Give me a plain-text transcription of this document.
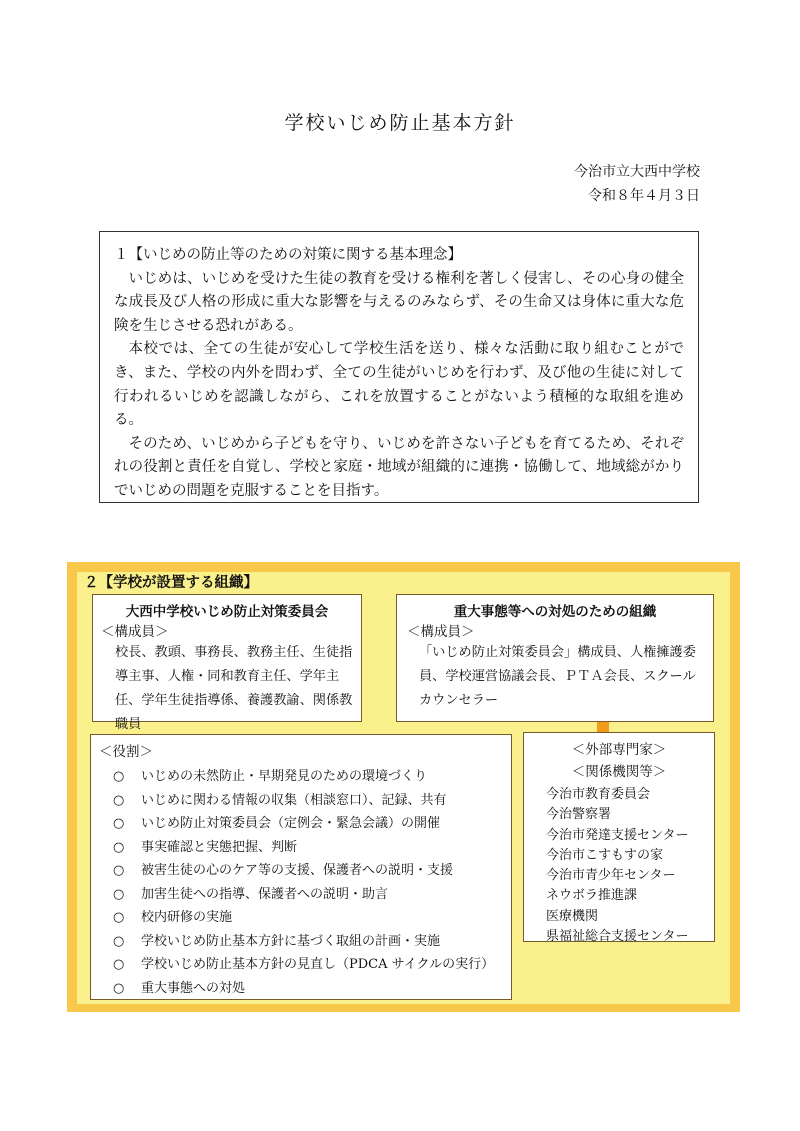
学校いじめ防止基本方針
今治市立大西中学校
令和８年４月３日
１【いじめの防止等のための対策に関する基本理念】
いじめは、いじめを受けた生徒の教育を受ける権利を著しく侵害し、その心身の健全な成長及び人格の形成に重大な影響を与えるのみならず、その生命又は身体に重大な危険を生じさせる恐れがある。
本校では、全ての生徒が安心して学校生活を送り、様々な活動に取り組むことができ、また、学校の内外を問わず、全ての生徒がいじめを行わず、及び他の生徒に対して行われるいじめを認識しながら、これを放置することがないよう積極的な取組を進める。
そのため、いじめから子どもを守り、いじめを許さない子どもを育てるため、それぞれの役割と責任を自覚し、学校と家庭・地域が組織的に連携・協働して、地域総がかりでいじめの問題を克服することを目指す。
２【学校が設置する組織】
大西中学校いじめ防止対策委員会
＜構成員＞
校長、教頭、事務長、教務主任、生徒指導主事、人権・同和教育主任、学年主任、学年生徒指導係、養護教諭、関係教職員
重大事態等への対処のための組織
＜構成員＞
「いじめ防止対策委員会」構成員、人権擁護委員、学校運営協議会長、ＰＴＡ会長、スクールカウンセラー
＜役割＞
○ いじめの未然防止・早期発見のための環境づくり
○ いじめに関わる情報の収集（相談窓口）、記録、共有
○ いじめ防止対策委員会（定例会・緊急会議）の開催
○ 事実確認と実態把握、判断
○ 被害生徒の心のケア等の支援、保護者への説明・支援
○ 加害生徒への指導、保護者への説明・助言
○ 校内研修の実施
○ 学校いじめ防止基本方針に基づく取組の計画・実施
○ 学校いじめ防止基本方針の見直し（PDCA サイクルの実行）
○ 重大事態への対処
＜外部専門家＞
＜関係機関等＞
今治市教育委員会
今治警察署
今治市発達支援センター
今治市こすもすの家
今治市青少年センター
ネウボラ推進課
医療機関
県福祉総合支援センター
